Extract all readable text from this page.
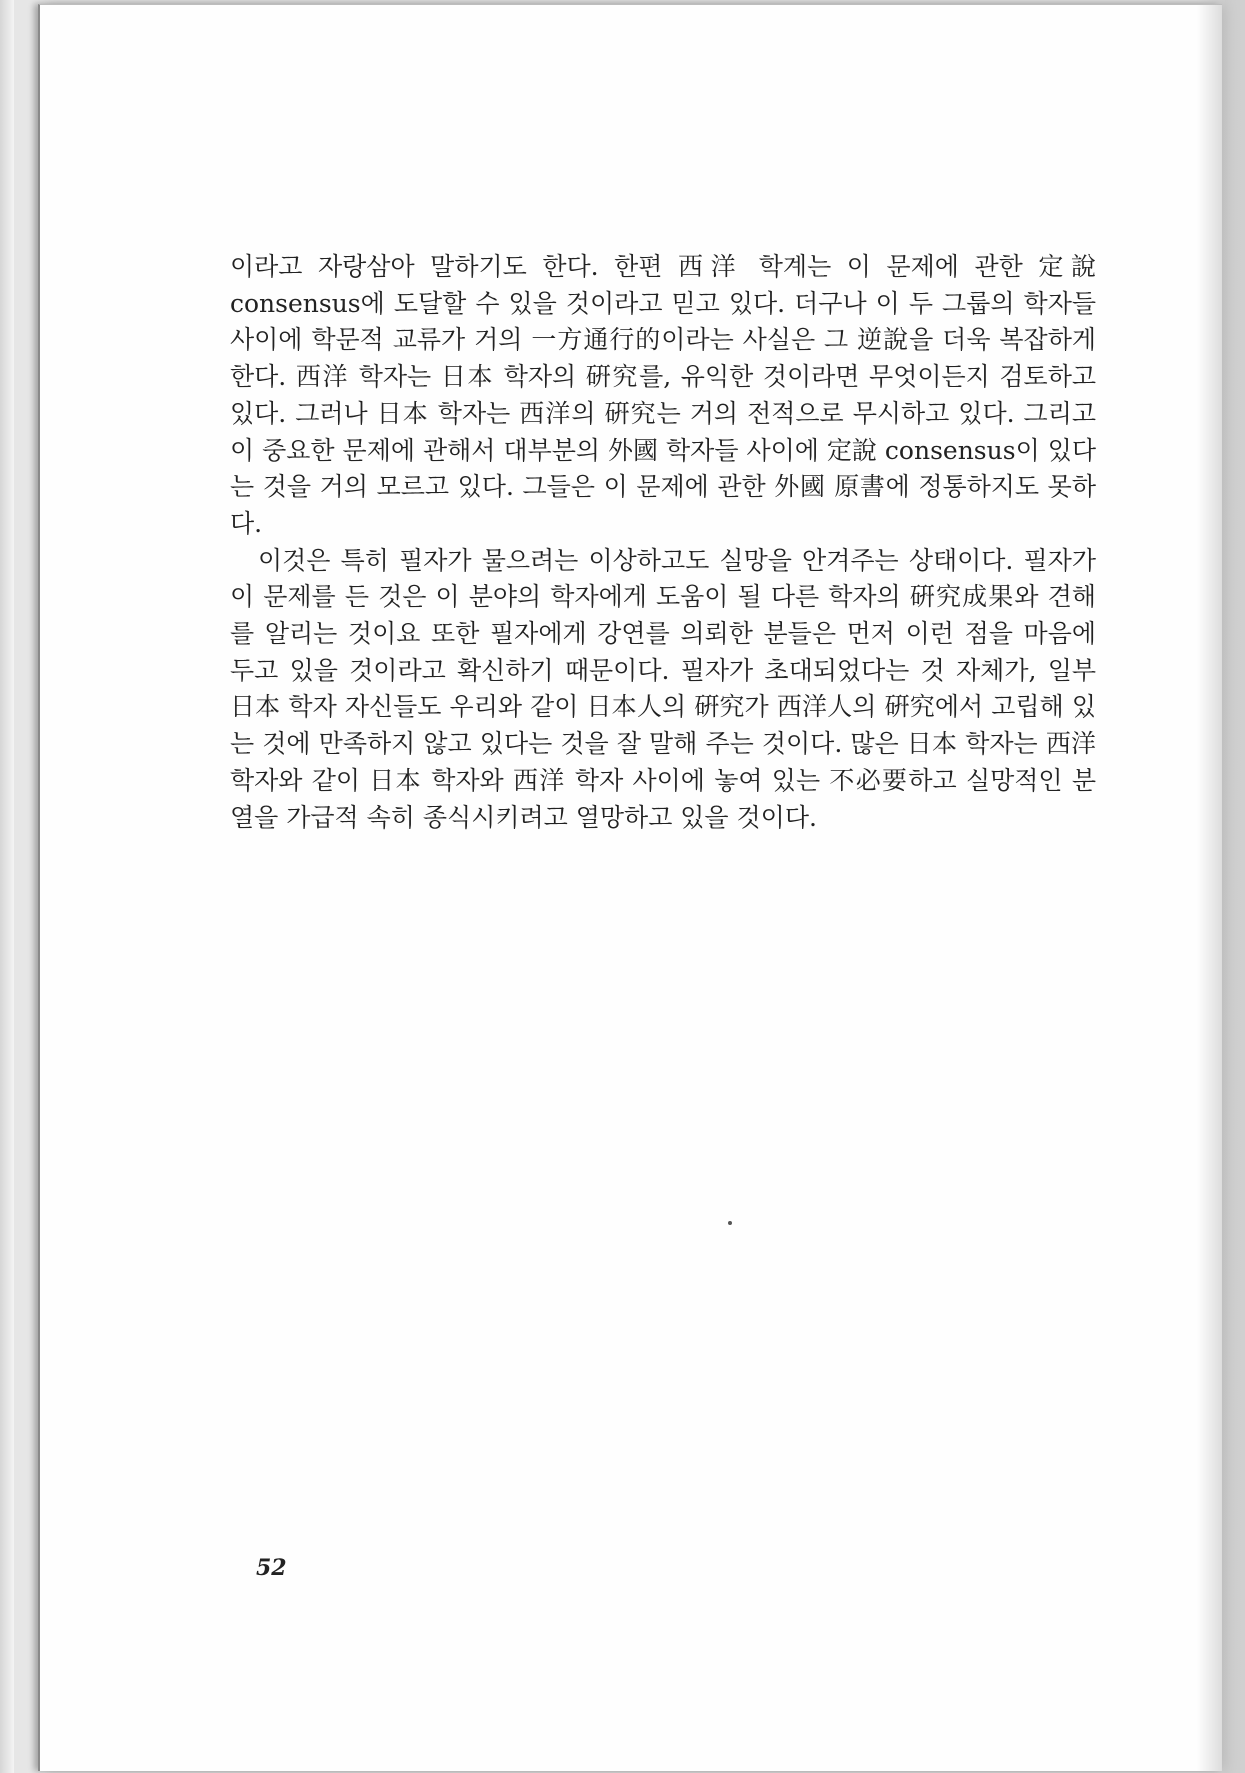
이라고 자랑삼아 말하기도 한다. 한편 西洋 학계는 이 문제에 관한 定說 consensus에 도달할 수 있을 것이라고 믿고 있다. 더구나 이 두 그룹의 학자들 사이에 학문적 교류가 거의 一方通行的이라는 사실은 그 逆說을 더욱 복잡하게 한다. 西洋 학자는 日本 학자의 硏究를, 유익한 것이라면 무엇이든지 검토하고 있다. 그러나 日本 학자는 西洋의 硏究는 거의 전적으로 무시하고 있다. 그리고 이 중요한 문제에 관해서 대부분의 外國 학자들 사이에 定說 consensus이 있다는 것을 거의 모르고 있다. 그들은 이 문제에 관한 外國 原書에 정통하지도 못하다.

이것은 특히 필자가 물으려는 이상하고도 실망을 안겨주는 상태이다. 필자가 이 문제를 든 것은 이 분야의 학자에게 도움이 될 다른 학자의 硏究成果와 견해를 알리는 것이요 또한 필자에게 강연를 의뢰한 분들은 먼저 이런 점을 마음에 두고 있을 것이라고 확신하기 때문이다. 필자가 초대되었다는 것 자체가, 일부 日本 학자 자신들도 우리와 같이 日本人의 硏究가 西洋人의 硏究에서 고립해 있는 것에 만족하지 않고 있다는 것을 잘 말해 주는 것이다. 많은 日本 학자는 西洋 학자와 같이 日本 학자와 西洋 학자 사이에 놓여 있는 不必要하고 실망적인 분열을 가급적 속히 종식시키려고 열망하고 있을 것이다.

52
